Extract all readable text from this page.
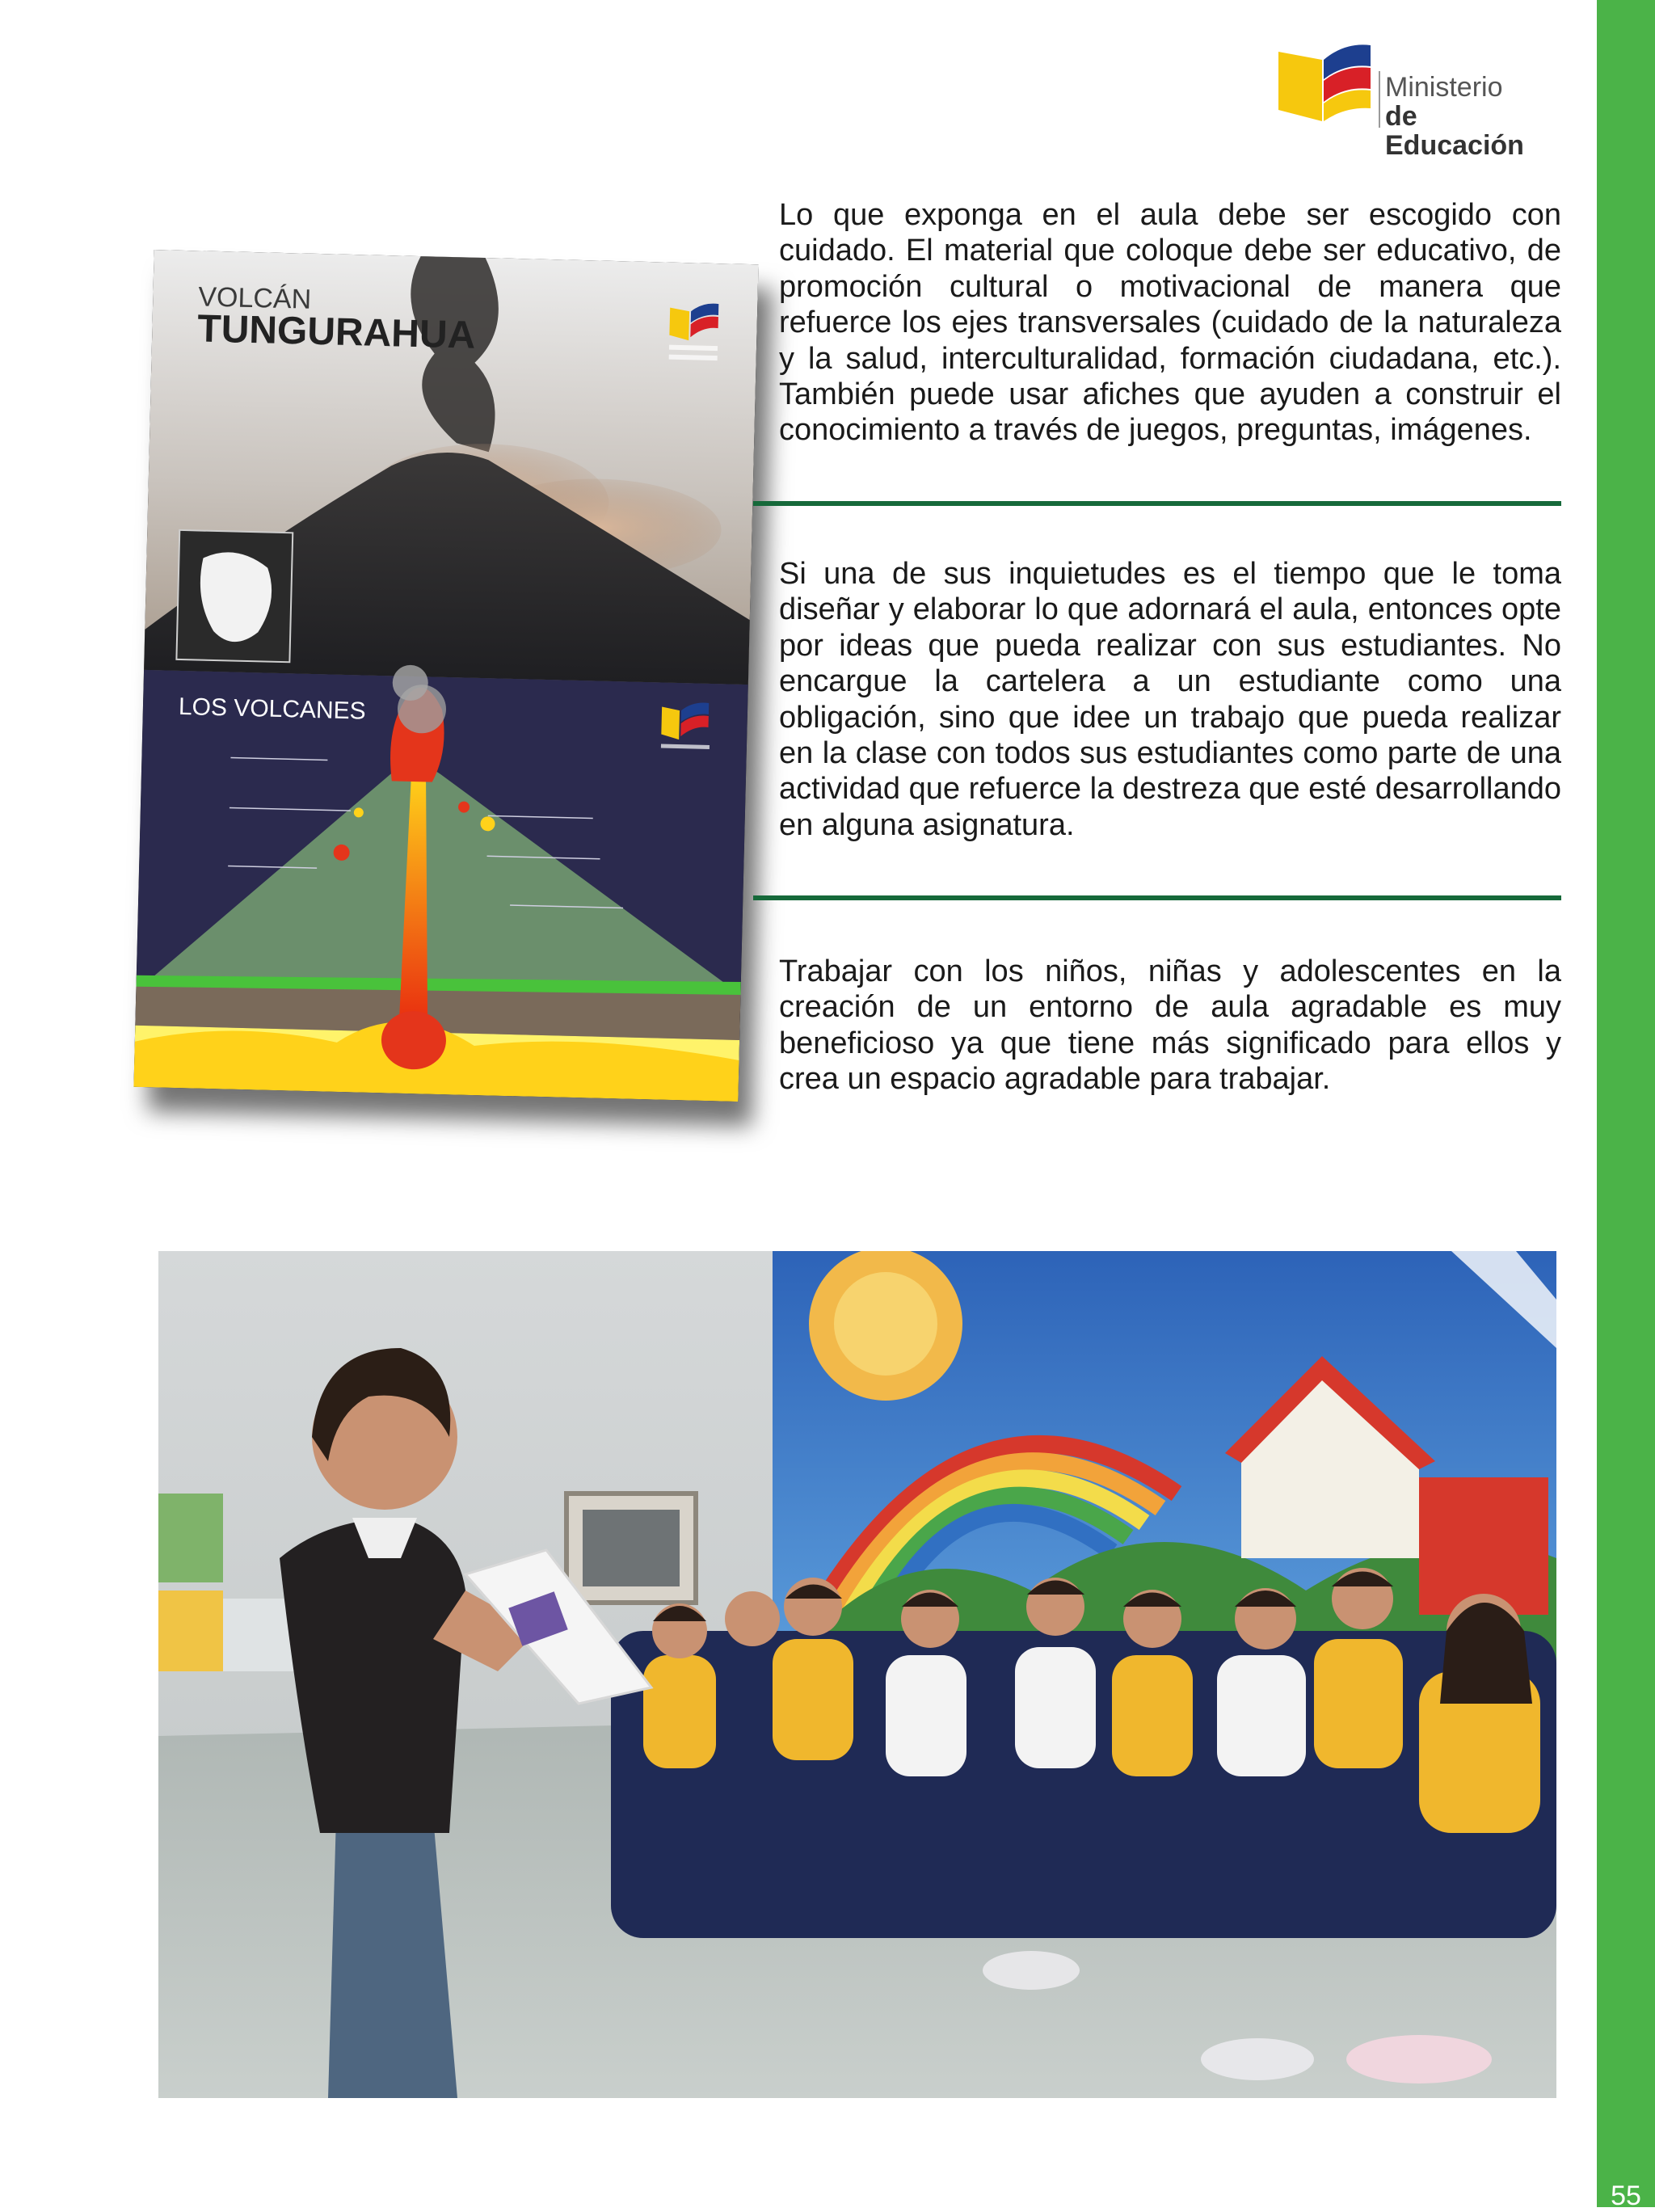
Ministerio
de Educación
Distribución gratuita - Prohibida su venta
Capítulo 2: Antes del inicio del año lectivo
55
VOLCÁN
TUNGURAHUA
LOS VOLCANES
Lo que exponga en el aula debe ser escogido con cuidado. El material que coloque debe ser educativo, de promoción cultural o motivacional de manera que refuerce los ejes transversales (cuidado de la naturaleza y la salud, interculturalidad, formación ciudadana, etc.). También puede usar afiches que ayuden a construir el conocimiento a través de juegos, preguntas, imágenes.
Si una de sus inquietudes es el tiempo que le toma diseñar y elaborar lo que adornará el aula, entonces opte por ideas que pueda realizar con sus estudiantes. No encargue la cartelera a un estudiante como una obligación, sino que idee un trabajo que pueda realizar en la clase con todos sus estudiantes como parte de una actividad que refuerce la destreza que esté desarrollando en alguna asignatura.
Trabajar con los niños, niñas y adolescentes en la creación de un entorno de aula agradable es muy beneficioso ya que tiene más significado para ellos y crea un espacio agradable para trabajar.
